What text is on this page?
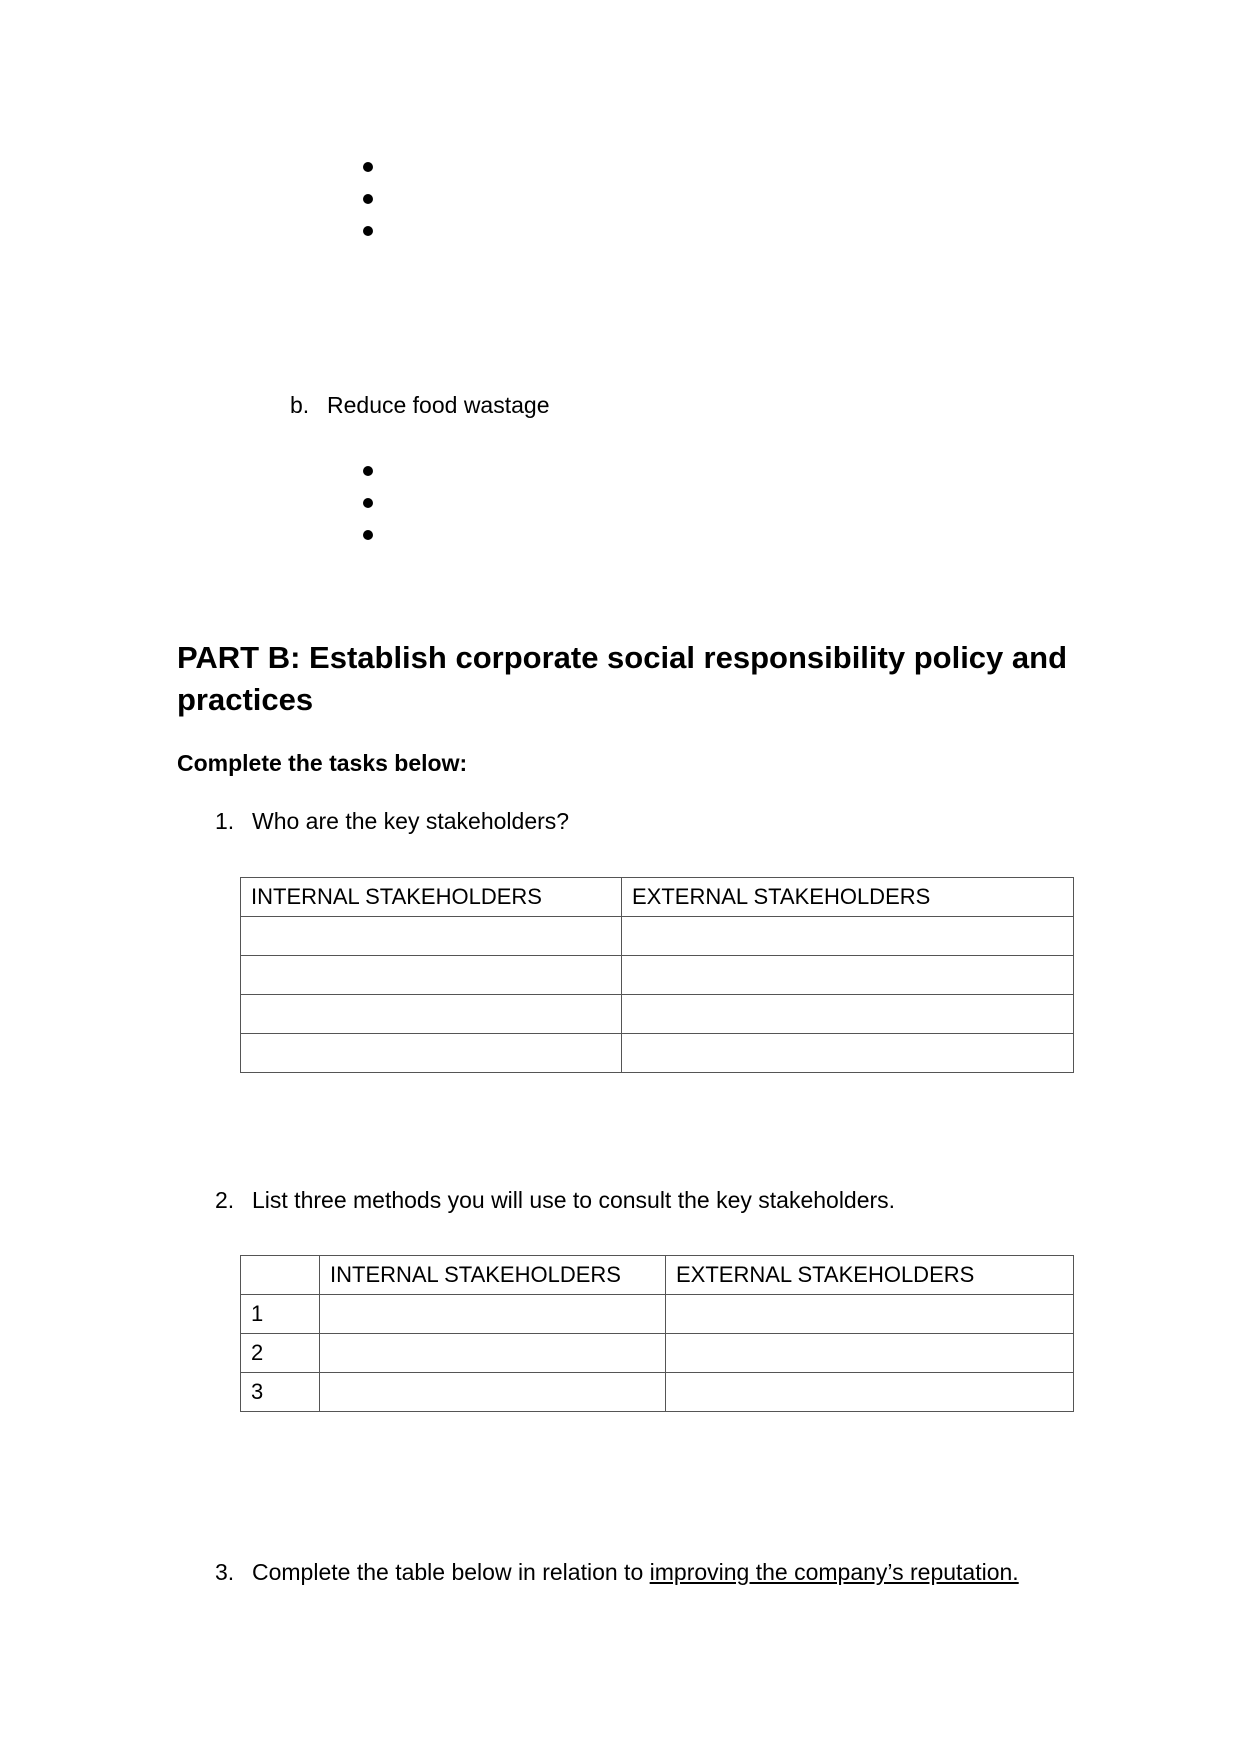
b. Reduce food wastage
PART B: Establish corporate social responsibility policy and practices
Complete the tasks below:
1. Who are the key stakeholders?
INTERNAL STAKEHOLDERS	EXTERNAL STAKEHOLDERS

2. List three methods you will use to consult the key stakeholders.
	INTERNAL STAKEHOLDERS	EXTERNAL STAKEHOLDERS
1		
2		
3		
3. Complete the table below in relation to improving the company’s reputation.
